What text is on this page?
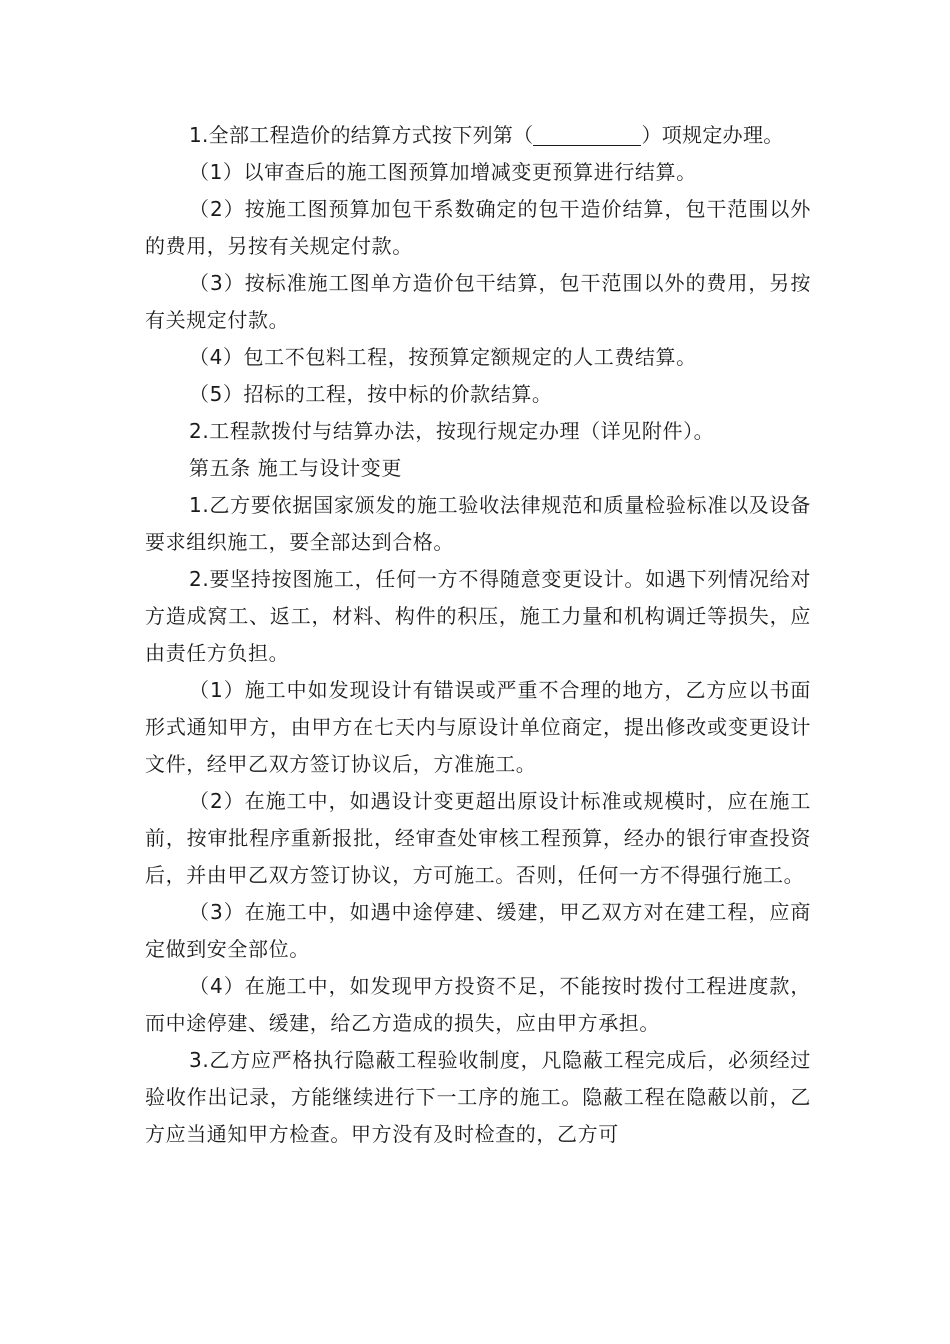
1.全部工程造价的结算方式按下列第（	）项规定办理。

（1）以审查后的施工图预算加增减变更预算进行结算。

（2）按施工图预算加包干系数确定的包干造价结算，包干范围以外的费用，另按有关规定付款。

（3）按标准施工图单方造价包干结算，包干范围以外的费用，另按有关规定付款。

（4）包工不包料工程，按预算定额规定的人工费结算。

（5）招标的工程，按中标的价款结算。

2.工程款拨付与结算办法，按现行规定办理（详见附件）。

第五条 施工与设计变更

1.乙方要依据国家颁发的施工验收法律规范和质量检验标准以及设备要求组织施工，要全部达到合格。

2.要坚持按图施工，任何一方不得随意变更设计。如遇下列情况给对方造成窝工、返工，材料、构件的积压，施工力量和机构调迁等损失，应由责任方负担。

（1）施工中如发现设计有错误或严重不合理的地方，乙方应以书面形式通知甲方，由甲方在七天内与原设计单位商定，提出修改或变更设计文件，经甲乙双方签订协议后，方准施工。

（2）在施工中，如遇设计变更超出原设计标准或规模时，应在施工前，按审批程序重新报批，经审查处审核工程预算，经办的银行审查投资后，并由甲乙双方签订协议，方可施工。否则，任何一方不得强行施工。

（3）在施工中，如遇中途停建、缓建，甲乙双方对在建工程，应商定做到安全部位。

（4）在施工中，如发现甲方投资不足，不能按时拨付工程进度款，而中途停建、缓建，给乙方造成的损失，应由甲方承担。

3.乙方应严格执行隐蔽工程验收制度，凡隐蔽工程完成后，必须经过验收作出记录，方能继续进行下一工序的施工。隐蔽工程在隐蔽以前，乙方应当通知甲方检查。甲方没有及时检查的，乙方可
